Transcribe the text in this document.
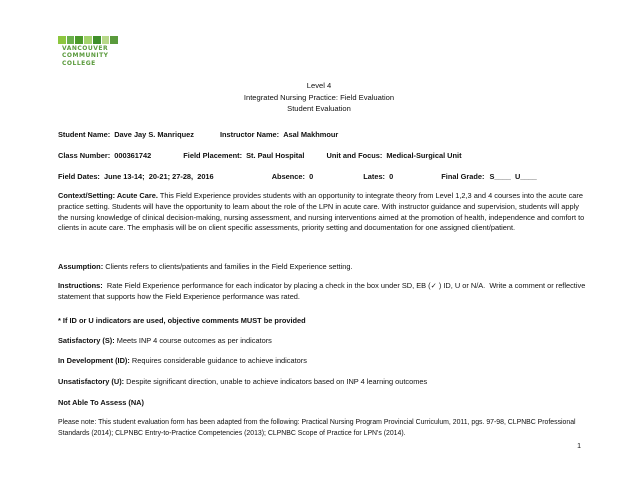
VANCOUVER
COMMUNITY
COLLEGE
Level 4
Integrated Nursing Practice: Field Evaluation
Student Evaluation
Student Name: Dave Jay S. Manriquez	Instructor Name: Asal Makhmour
Class Number: 000361742	Field Placement: St. Paul Hospital	Unit and Focus: Medical-Surgical Unit
Field Dates: June 13-14;  20-21; 27-28,  2016	Absence: 0	Lates: 0	Final Grade: S____  U____
Context/Setting: Acute Care. This Field Experience provides students with an opportunity to integrate theory from Level 1,2,3 and 4 courses into the acute care practice setting. Students will have the opportunity to learn about the role of the LPN in acute care. With instructor guidance and supervision, students will apply the nursing knowledge of clinical decision-making, nursing assessment, and nursing interventions aimed at the promotion of health, independence and comfort to clients in acute care. The emphasis will be on client specific assessments, priority setting and documentation for one assigned client/patient.
Assumption: Clients refers to clients/patients and families in the Field Experience setting.
Instructions:  Rate Field Experience performance for each indicator by placing a check in the box under SD, EB (✓ ) ID, U or N/A.  Write a comment or reflective statement that supports how the Field Experience performance was rated.
* If ID or U indicators are used, objective comments MUST be provided
Satisfactory (S): Meets INP 4 course outcomes as per indicators
In Development (ID): Requires considerable guidance to achieve indicators
Unsatisfactory (U): Despite significant direction, unable to achieve indicators based on INP 4 learning outcomes
Not Able To Assess (NA)
Please note: This student evaluation form has been adapted from the following: Practical Nursing Program Provincial Curriculum, 2011, pgs. 97-98, CLPNBC Professional Standards (2014); CLPNBC Entry-to-Practice Competencies (2013); CLPNBC Scope of Practice for LPN's (2014).
1
